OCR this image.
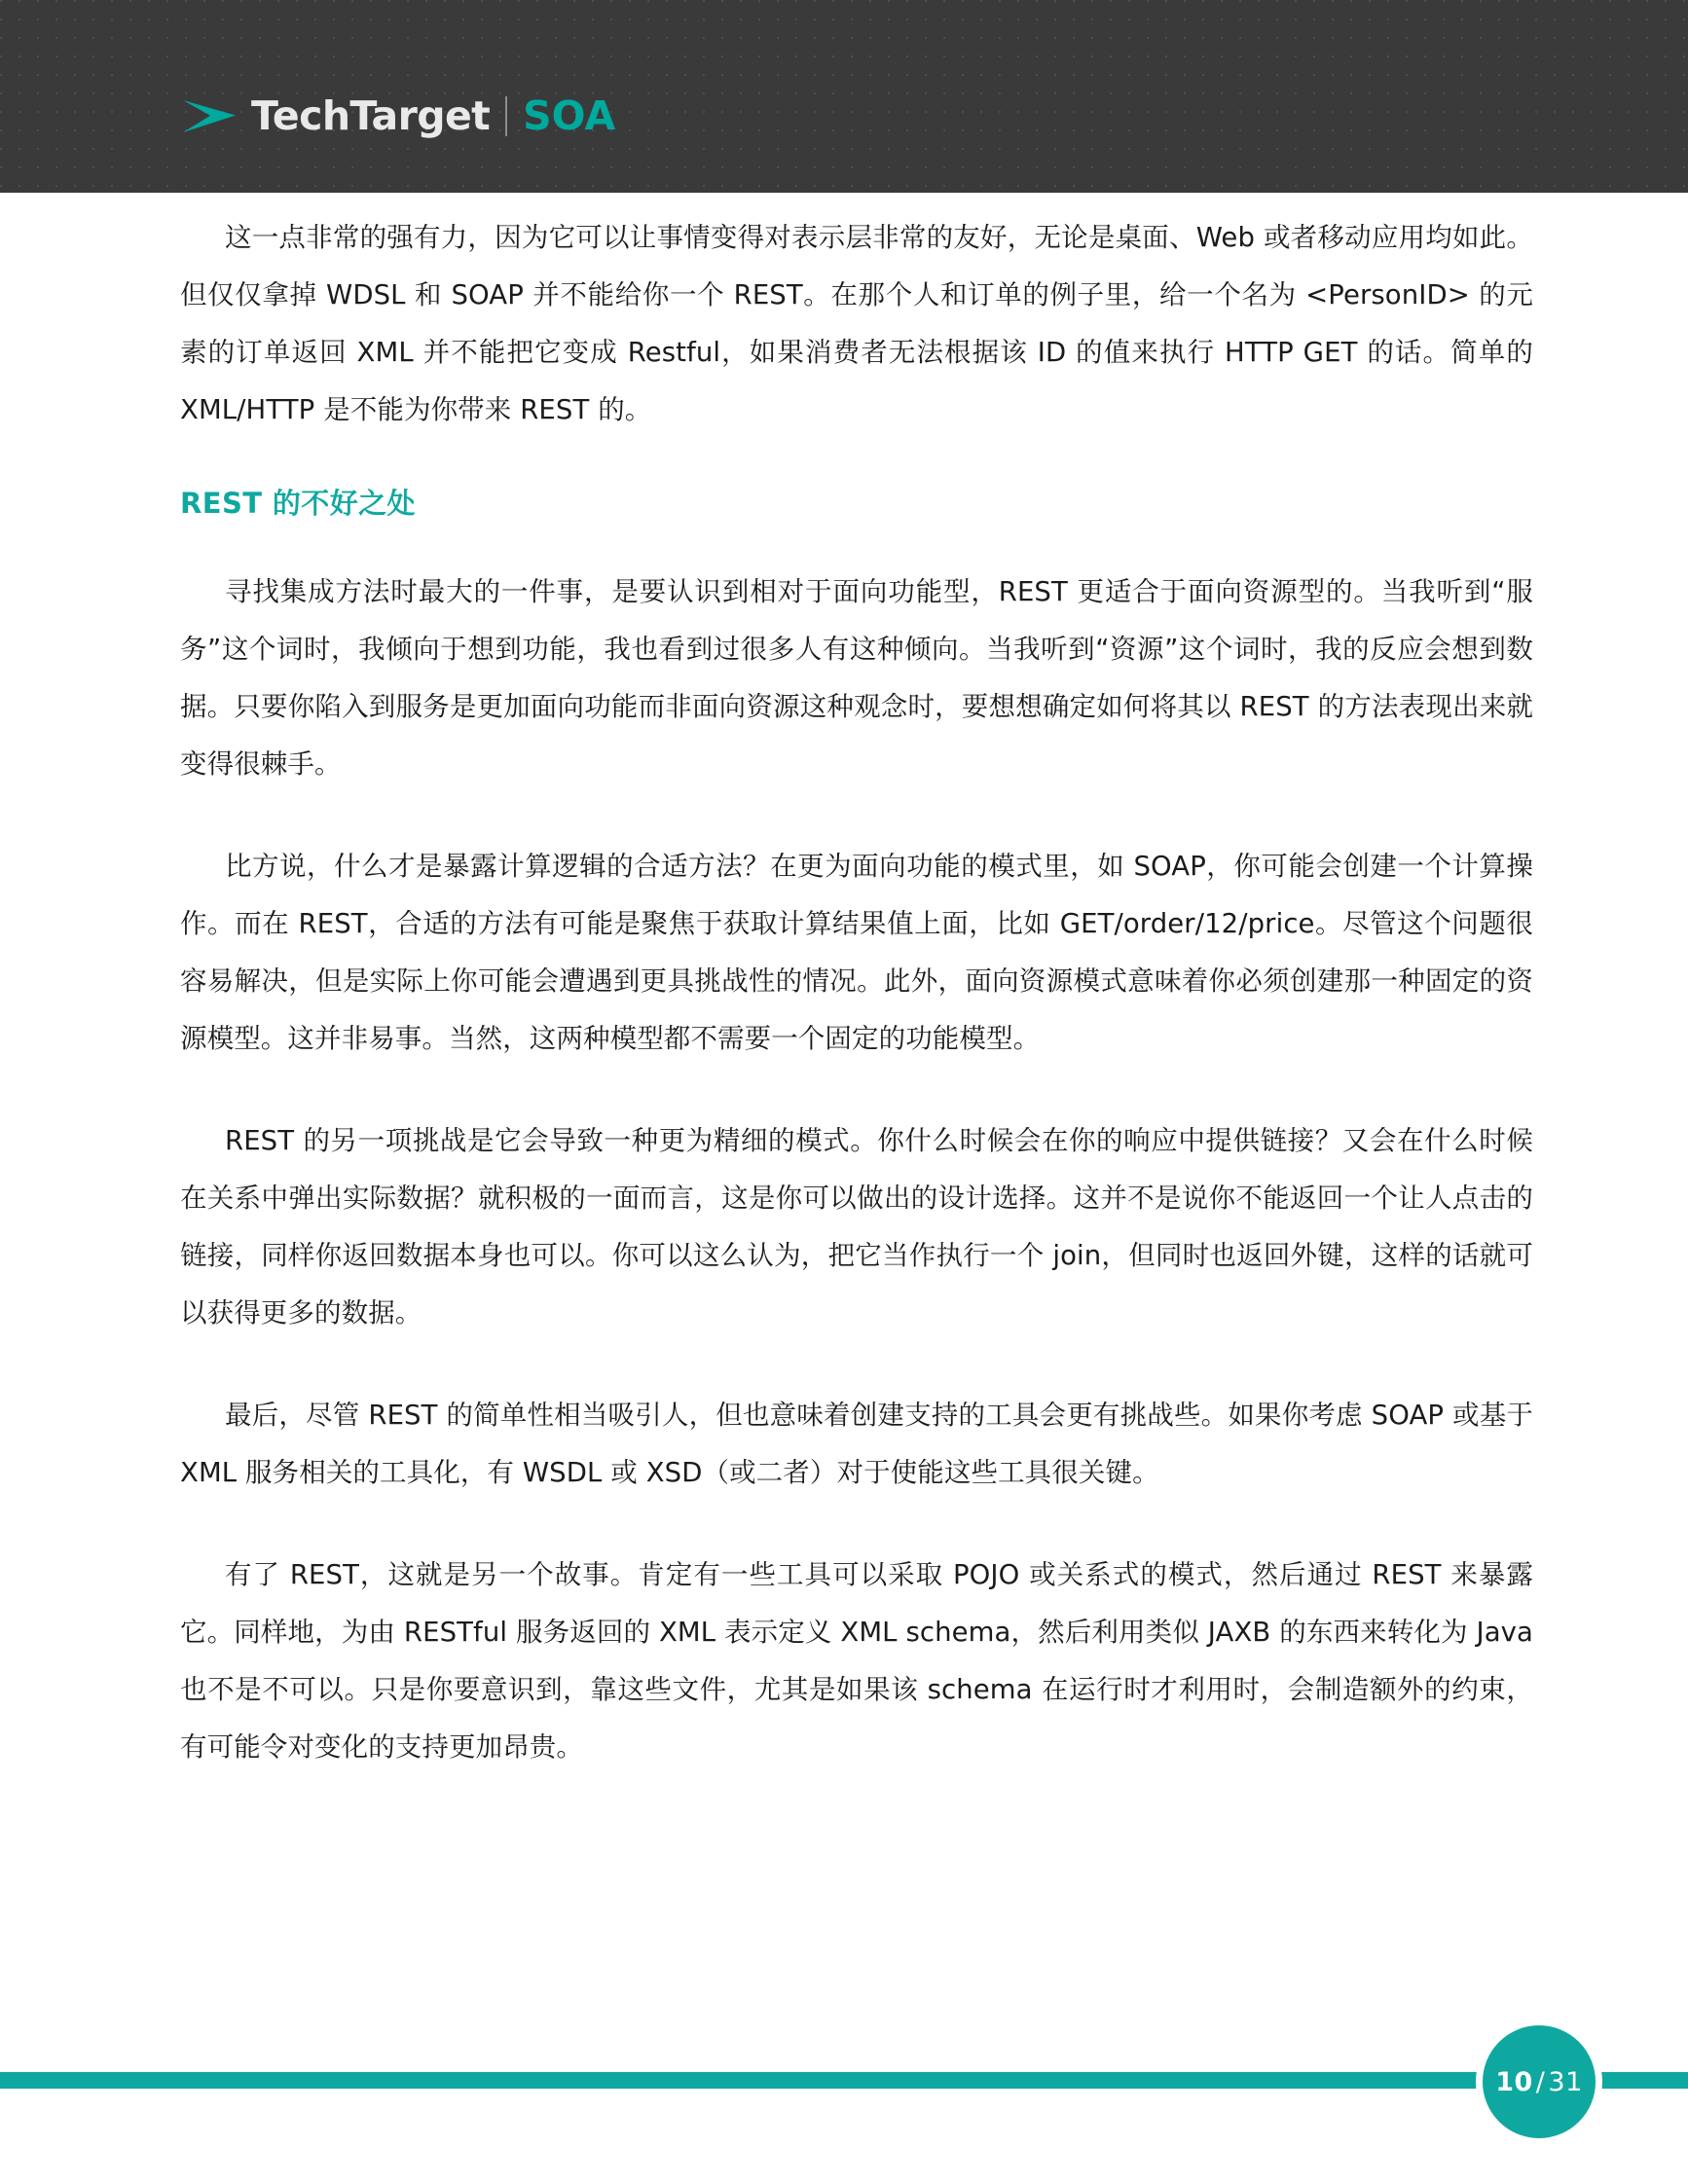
TechTarget SOA

这一点非常的强有力，因为它可以让事情变得对表示层非常的友好，无论是桌面、Web 或者移动应用均如此。但仅仅拿掉 WDSL 和 SOAP 并不能给你一个 REST。在那个人和订单的例子里，给一个名为 <PersonID> 的元素的订单返回 XML 并不能把它变成 Restful，如果消费者无法根据该 ID 的值来执行 HTTP GET 的话。简单的 XML/HTTP 是不能为你带来 REST 的。

REST 的不好之处

寻找集成方法时最大的一件事，是要认识到相对于面向功能型，REST 更适合于面向资源型的。当我听到“服务”这个词时，我倾向于想到功能，我也看到过很多人有这种倾向。当我听到“资源”这个词时，我的反应会想到数据。只要你陷入到服务是更加面向功能而非面向资源这种观念时，要想想确定如何将其以 REST 的方法表现出来就变得很棘手。

比方说，什么才是暴露计算逻辑的合适方法？在更为面向功能的模式里，如 SOAP，你可能会创建一个计算操作。而在 REST，合适的方法有可能是聚焦于获取计算结果值上面，比如 GET/order/12/price。尽管这个问题很容易解决，但是实际上你可能会遭遇到更具挑战性的情况。此外，面向资源模式意味着你必须创建那一种固定的资源模型。这并非易事。当然，这两种模型都不需要一个固定的功能模型。

REST 的另一项挑战是它会导致一种更为精细的模式。你什么时候会在你的响应中提供链接？又会在什么时候在关系中弹出实际数据？就积极的一面而言，这是你可以做出的设计选择。这并不是说你不能返回一个让人点击的链接，同样你返回数据本身也可以。你可以这么认为，把它当作执行一个 join，但同时也返回外键，这样的话就可以获得更多的数据。

最后，尽管 REST 的简单性相当吸引人，但也意味着创建支持的工具会更有挑战些。如果你考虑 SOAP 或基于 XML 服务相关的工具化，有 WSDL 或 XSD（或二者）对于使能这些工具很关键。

有了 REST，这就是另一个故事。肯定有一些工具可以采取 POJO 或关系式的模式，然后通过 REST 来暴露它。同样地，为由 RESTful 服务返回的 XML 表示定义 XML schema，然后利用类似 JAXB 的东西来转化为 Java 也不是不可以。只是你要意识到，靠这些文件，尤其是如果该 schema 在运行时才利用时，会制造额外的约束，有可能令对变化的支持更加昂贵。

10 / 31
